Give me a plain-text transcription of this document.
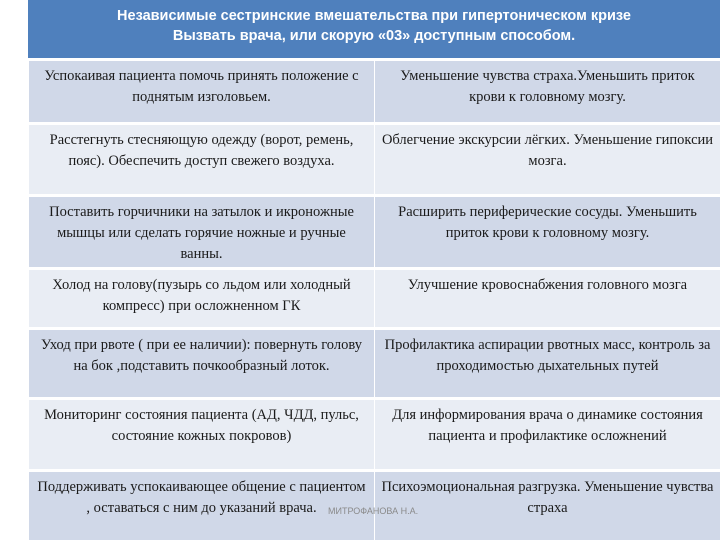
Независимые сестринские вмешательства при гипертоническом кризе
Вызвать врача, или скорую «03» доступным способом.
Успокаивая пациента помочь принять положение с поднятым изголовьем.	Уменьшение чувства страха.Уменьшить приток крови к головному мозгу.
Расстегнуть стесняющую одежду (ворот, ремень, пояс). Обеспечить доступ свежего воздуха.	Облегчение экскурсии лёгких. Уменьшение гипоксии мозга.
Поставить горчичники на затылок и икроножные мышцы или сделать горячие ножные и ручные ванны.	Расширить периферические сосуды. Уменьшить приток крови к головному мозгу.
Холод на голову(пузырь со льдом или холодный компресс) при осложненном ГК	Улучшение кровоснабжения головного мозга
Уход при рвоте ( при ее наличии): повернуть голову на бок ,подставить почкообразный лоток.	Профилактика аспирации рвотных масс, контроль за проходимостью дыхательных путей
Мониторинг состояния пациента (АД, ЧДД, пульс, состояние кожных покровов)	Для информирования врача о динамике состояния пациента и профилактике осложнений
Поддерживать успокаивающее общение с пациентом , оставаться с ним до указаний врача.	Психоэмоциональная разгрузка. Уменьшение чувства страха
МИТРОФАНОВА Н.А.
